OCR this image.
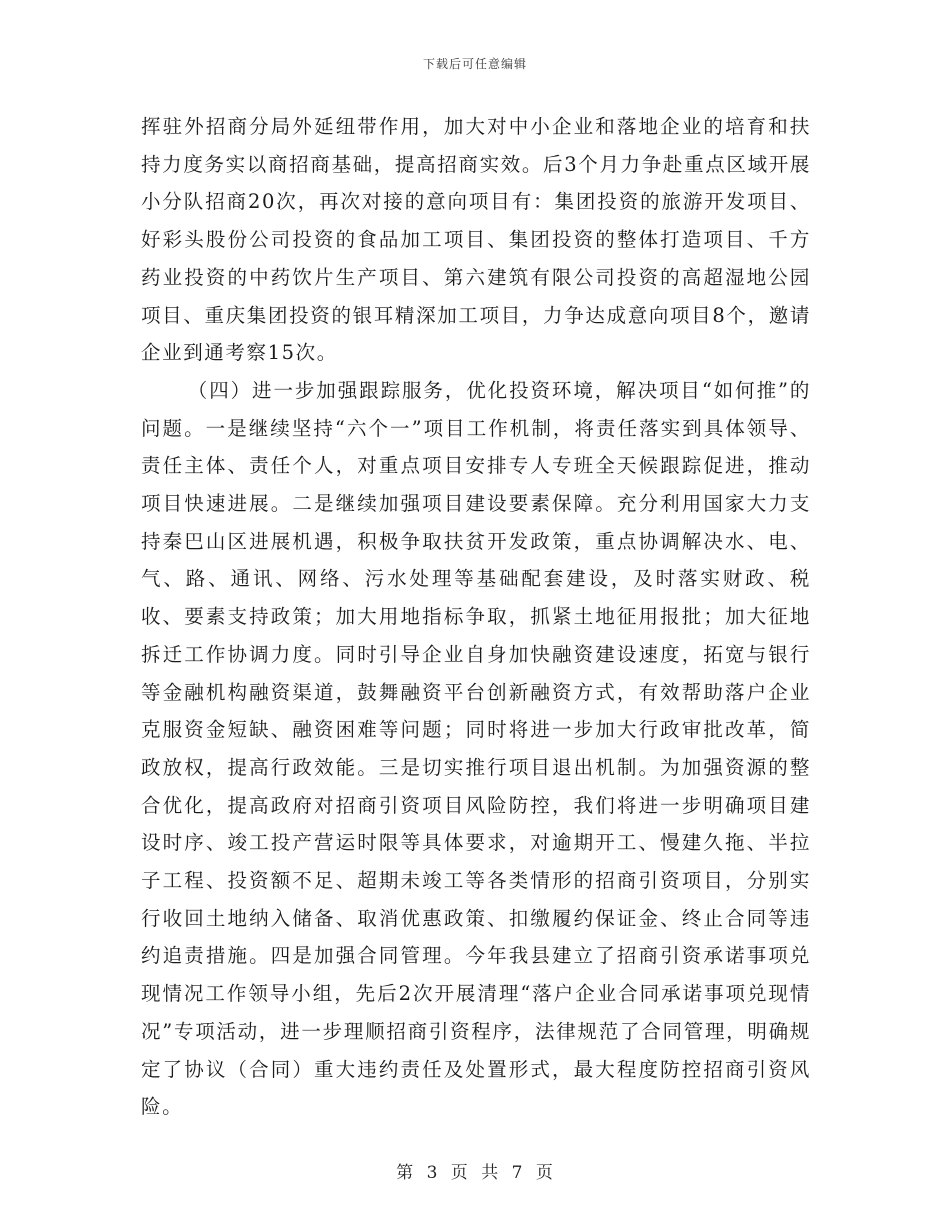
下载后可任意编辑

挥驻外招商分局外延纽带作用，加大对中小企业和落地企业的培育和扶持力度务实以商招商基础，提高招商实效。后3个月力争赴重点区域开展小分队招商20次，再次对接的意向项目有：集团投资的旅游开发项目、好彩头股份公司投资的食品加工项目、集团投资的整体打造项目、千方药业投资的中药饮片生产项目、第六建筑有限公司投资的高超湿地公园项目、重庆集团投资的银耳精深加工项目，力争达成意向项目8个，邀请企业到通考察15次。

（四）进一步加强跟踪服务，优化投资环境，解决项目“如何推”的问题。一是继续坚持“六个一”项目工作机制，将责任落实到具体领导、责任主体、责任个人，对重点项目安排专人专班全天候跟踪促进，推动项目快速进展。二是继续加强项目建设要素保障。充分利用国家大力支持秦巴山区进展机遇，积极争取扶贫开发政策，重点协调解决水、电、气、路、通讯、网络、污水处理等基础配套建设，及时落实财政、税收、要素支持政策；加大用地指标争取，抓紧土地征用报批；加大征地拆迁工作协调力度。同时引导企业自身加快融资建设速度，拓宽与银行等金融机构融资渠道，鼓舞融资平台创新融资方式，有效帮助落户企业克服资金短缺、融资困难等问题；同时将进一步加大行政审批改革，简政放权，提高行政效能。三是切实推行项目退出机制。为加强资源的整合优化，提高政府对招商引资项目风险防控，我们将进一步明确项目建设时序、竣工投产营运时限等具体要求，对逾期开工、慢建久拖、半拉子工程、投资额不足、超期未竣工等各类情形的招商引资项目，分别实行收回土地纳入储备、取消优惠政策、扣缴履约保证金、终止合同等违约追责措施。四是加强合同管理。今年我县建立了招商引资承诺事项兑现情况工作领导小组，先后2次开展清理“落户企业合同承诺事项兑现情况”专项活动，进一步理顺招商引资程序，法律规范了合同管理，明确规定了协议（合同）重大违约责任及处置形式，最大程度防控招商引资风险。

第 3 页 共 7 页
